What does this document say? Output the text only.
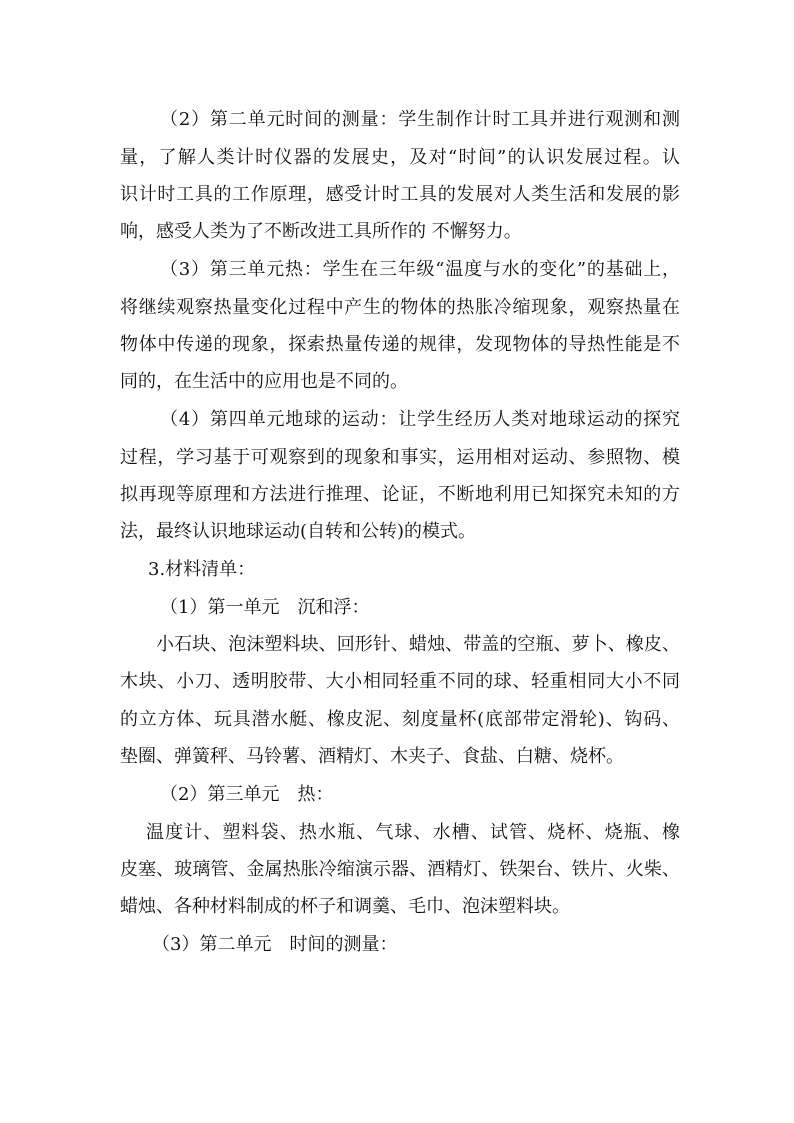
（2）第二单元时间的测量：学生制作计时工具并进行观测和测
量，了解人类计时仪器的发展史，及对“时间”的认识发展过程。认
识计时工具的工作原理，感受计时工具的发展对人类生活和发展的影
响，感受人类为了不断改进工具所作的 不懈努力。
（3）第三单元热：学生在三年级“温度与水的变化”的基础上，
将继续观察热量变化过程中产生的物体的热胀冷缩现象，观察热量在
物体中传递的现象，探索热量传递的规律，发现物体的导热性能是不
同的，在生活中的应用也是不同的。
（4）第四单元地球的运动：让学生经历人类对地球运动的探究
过程，学习基于可观察到的现象和事实，运用相对运动、参照物、模
拟再现等原理和方法进行推理、论证，不断地利用已知探究未知的方
法，最终认识地球运动(自转和公转)的模式。
3.材料清单：
（1）第一单元　沉和浮：
小石块、泡沫塑料块、回形针、蜡烛、带盖的空瓶、萝卜、橡皮、
木块、小刀、透明胶带、大小相同轻重不同的球、轻重相同大小不同
的立方体、玩具潜水艇、橡皮泥、刻度量杯(底部带定滑轮)、钩码、
垫圈、弹簧秤、马铃薯、酒精灯、木夹子、食盐、白糖、烧杯。
（2）第三单元　热：
温度计、塑料袋、热水瓶、气球、水槽、试管、烧杯、烧瓶、橡
皮塞、玻璃管、金属热胀冷缩演示器、酒精灯、铁架台、铁片、火柴、
蜡烛、各种材料制成的杯子和调羹、毛巾、泡沫塑料块。
（3）第二单元　时间的测量：
